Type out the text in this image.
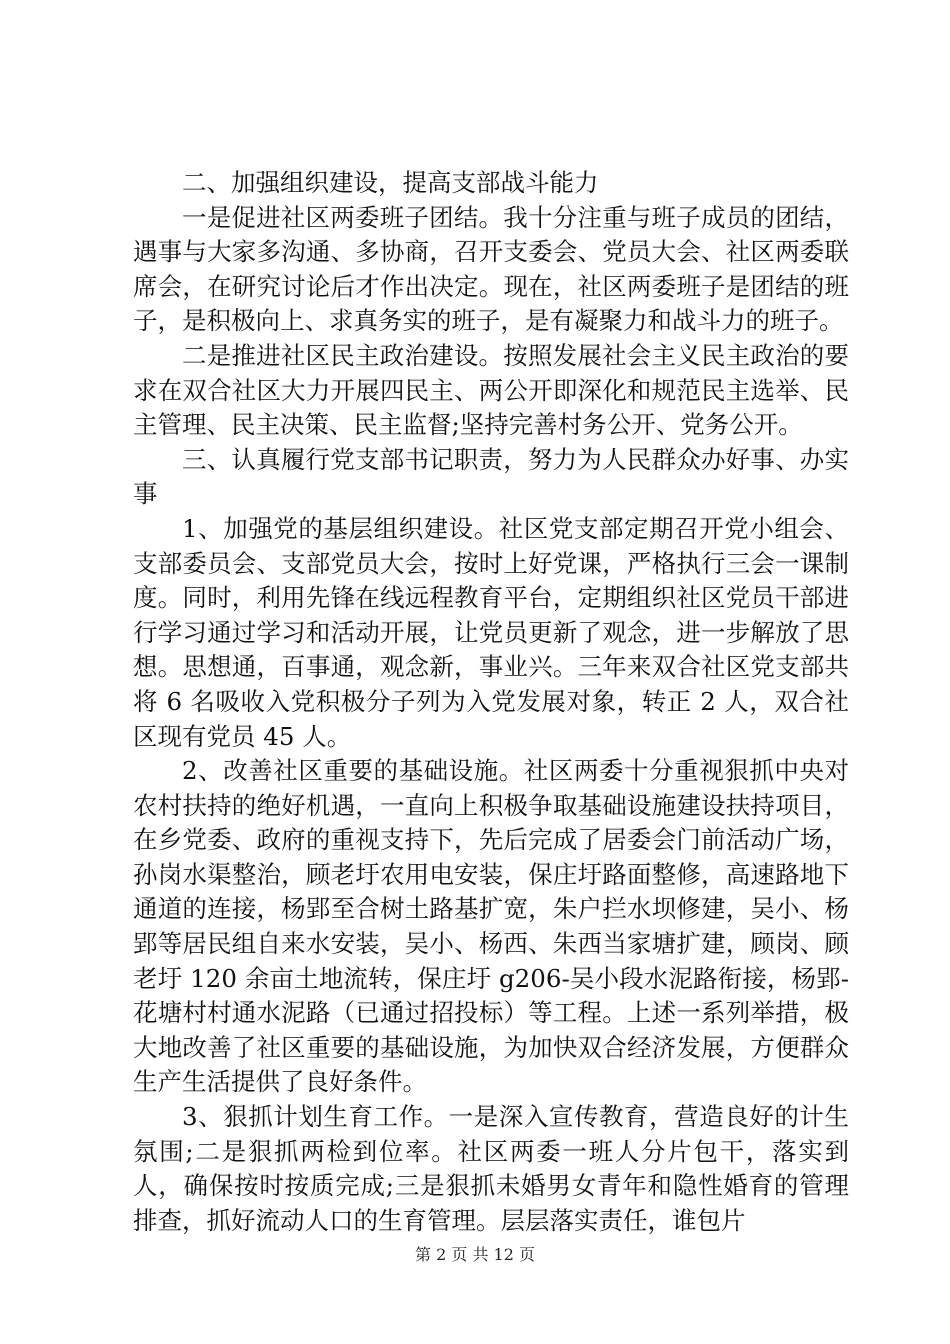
二、加强组织建设，提高支部战斗能力

一是促进社区两委班子团结。我十分注重与班子成员的团结，遇事与大家多沟通、多协商，召开支委会、党员大会、社区两委联席会，在研究讨论后才作出决定。现在，社区两委班子是团结的班子，是积极向上、求真务实的班子，是有凝聚力和战斗力的班子。

二是推进社区民主政治建设。按照发展社会主义民主政治的要求在双合社区大力开展四民主、两公开即深化和规范民主选举、民主管理、民主决策、民主监督;坚持完善村务公开、党务公开。

三、认真履行党支部书记职责，努力为人民群众办好事、办实事

1、加强党的基层组织建设。社区党支部定期召开党小组会、支部委员会、支部党员大会，按时上好党课，严格执行三会一课制度。同时，利用先锋在线远程教育平台，定期组织社区党员干部进行学习通过学习和活动开展，让党员更新了观念，进一步解放了思想。思想通，百事通，观念新，事业兴。三年来双合社区党支部共将 6 名吸收入党积极分子列为入党发展对象，转正 2 人，双合社区现有党员 45 人。

2、改善社区重要的基础设施。社区两委十分重视狠抓中央对农村扶持的绝好机遇，一直向上积极争取基础设施建设扶持项目，在乡党委、政府的重视支持下，先后完成了居委会门前活动广场，孙岗水渠整治，顾老圩农用电安装，保庄圩路面整修，高速路地下通道的连接，杨郢至合树土路基扩宽，朱户拦水坝修建，吴小、杨郢等居民组自来水安装，吴小、杨西、朱西当家塘扩建，顾岗、顾老圩 120 余亩土地流转，保庄圩 g206-吴小段水泥路衔接，杨郢-花塘村村通水泥路（已通过招投标）等工程。上述一系列举措，极大地改善了社区重要的基础设施，为加快双合经济发展，方便群众生产生活提供了良好条件。

3、狠抓计划生育工作。一是深入宣传教育，营造良好的计生氛围;二是狠抓两检到位率。社区两委一班人分片包干，落实到人，确保按时按质完成;三是狠抓未婚男女青年和隐性婚育的管理排查，抓好流动人口的生育管理。层层落实责任，谁包片

第 2 页 共 12 页
